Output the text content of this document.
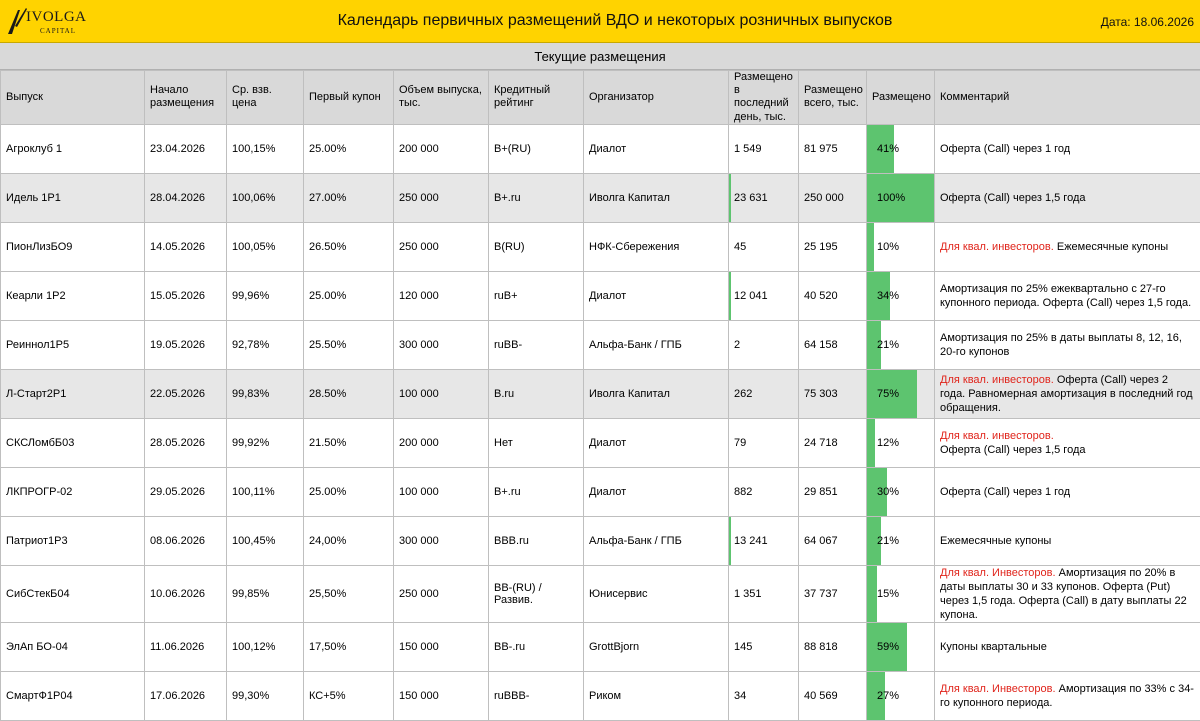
IVOLGA
CAPITAL
Календарь первичных размещений ВДО и некоторых розничных выпусков	Дата: 18.06.2026
Текущие размещения
Выпуск	Начало размещения	Ср. взв. цена	Первый купон	Объем выпуска, тыс.	Кредитный рейтинг	Организатор	Размещено в последний день, тыс.	Размещено всего, тыс.	Размещено	Комментарий
Агроклуб 1	23.04.2026	100,15%	25.00%	200 000	B+(RU)	Диалот	1 549	81 975	41%	Оферта (Call) через 1 год
Идель 1Р1	28.04.2026	100,06%	27.00%	250 000	B+.ru	Иволга Капитал	23 631	250 000	100%	Оферта (Call) через 1,5 года
ПионЛизБО9	14.05.2026	100,05%	26.50%	250 000	B(RU)	НФК-Сбережения	45	25 195	10%	Для квал. инвесторов. Ежемесячные купоны
Кеарли 1Р2	15.05.2026	99,96%	25.00%	120 000	ruB+	Диалот	12 041	40 520	34%	Амортизация по 25% ежеквартально с 27-го купонного периода. Оферта (Call) через 1,5 года.
Реиннол1Р5	19.05.2026	92,78%	25.50%	300 000	ruBB-	Альфа-Банк / ГПБ	2	64 158	21%	Амортизация по 25% в даты выплаты 8, 12, 16, 20-го купонов
Л-Старт2Р1	22.05.2026	99,83%	28.50%	100 000	B.ru	Иволга Капитал	262	75 303	75%	Для квал. инвесторов. Оферта (Call) через 2 года. Равномерная амортизация в последний год обращения.
СКСЛомбБ03	28.05.2026	99,92%	21.50%	200 000	Нет	Диалот	79	24 718	12%	Для квал. инвесторов.
Оферта (Call) через 1,5 года
ЛКПРОГР-02	29.05.2026	100,11%	25.00%	100 000	B+.ru	Диалот	882	29 851	30%	Оферта (Call) через 1 год
Патриот1Р3	08.06.2026	100,45%	24,00%	300 000	BBB.ru	Альфа-Банк / ГПБ	13 241	64 067	21%	Ежемесячные купоны
СибСтекБ04	10.06.2026	99,85%	25,50%	250 000	BB-(RU) / Развив.	Юнисервис	1 351	37 737	15%	Для квал. Инвесторов. Амортизация по 20% в даты выплаты 30 и 33 купонов. Оферта (Put) через 1,5 года. Оферта (Call) в дату выплаты 22 купона.
ЭлАп БО-04	11.06.2026	100,12%	17,50%	150 000	BB-.ru	GrottBjorn	145	88 818	59%	Купоны квартальные
СмартФ1Р04	17.06.2026	99,30%	КС+5%	150 000	ruBBB-	Риком	34	40 569	27%	Для квал. Инвесторов. Амортизация по 33% с 34-го купонного периода.
